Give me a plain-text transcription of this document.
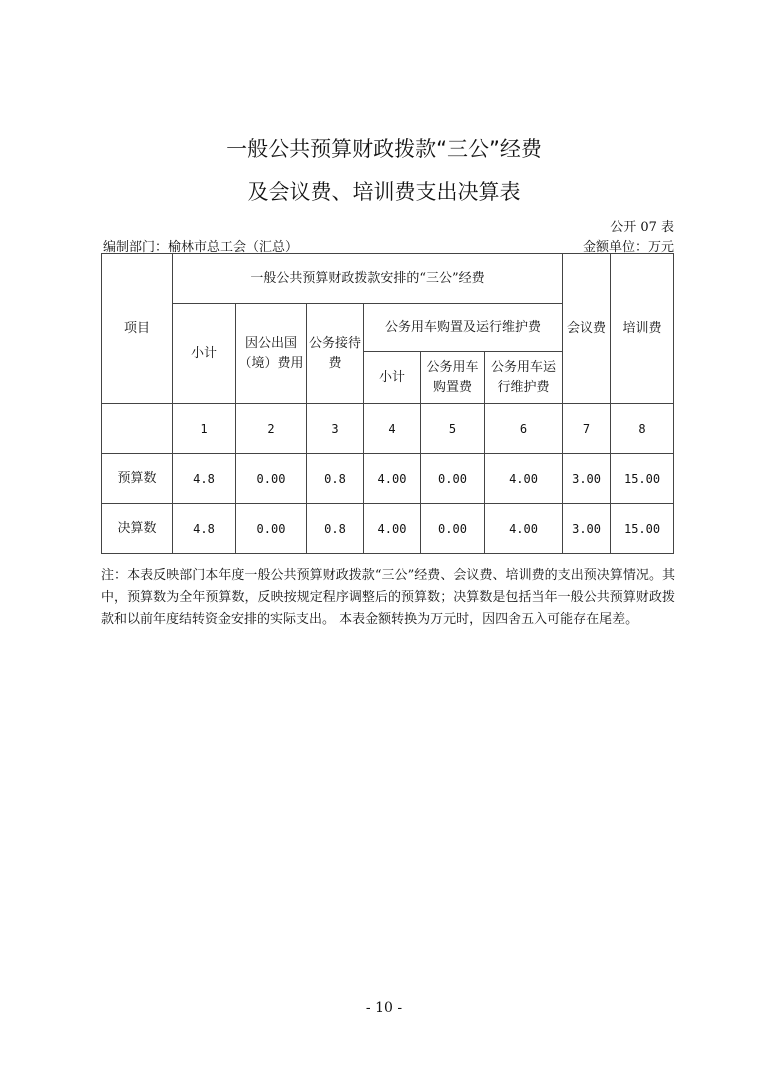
一般公共预算财政拨款“三公”经费
及会议费、培训费支出决算表
公开 07 表
编制部门：榆林市总工会（汇总）	金额单位：万元
项目	一般公共预算财政拨款安排的“三公”经费						会议费	培训费
	小计	因公出国（境）费用	公务接待费	公务用车购置及运行维护费				
				小计	公务用车购置费	公务用车运行维护费		
	1	2	3	4	5	6	7	8
预算数	4.8	0.00	0.8	4.00	0.00	4.00	3.00	15.00
决算数	4.8	0.00	0.8	4.00	0.00	4.00	3.00	15.00
注：本表反映部门本年度一般公共预算财政拨款“三公”经费、会议费、培训费的支出预决算情况。其中，预算数为全年预算数，反映按规定程序调整后的预算数；决算数是包括当年一般公共预算财政拨款和以前年度结转资金安排的实际支出。 本表金额转换为万元时，因四舍五入可能存在尾差。
- 10 -
